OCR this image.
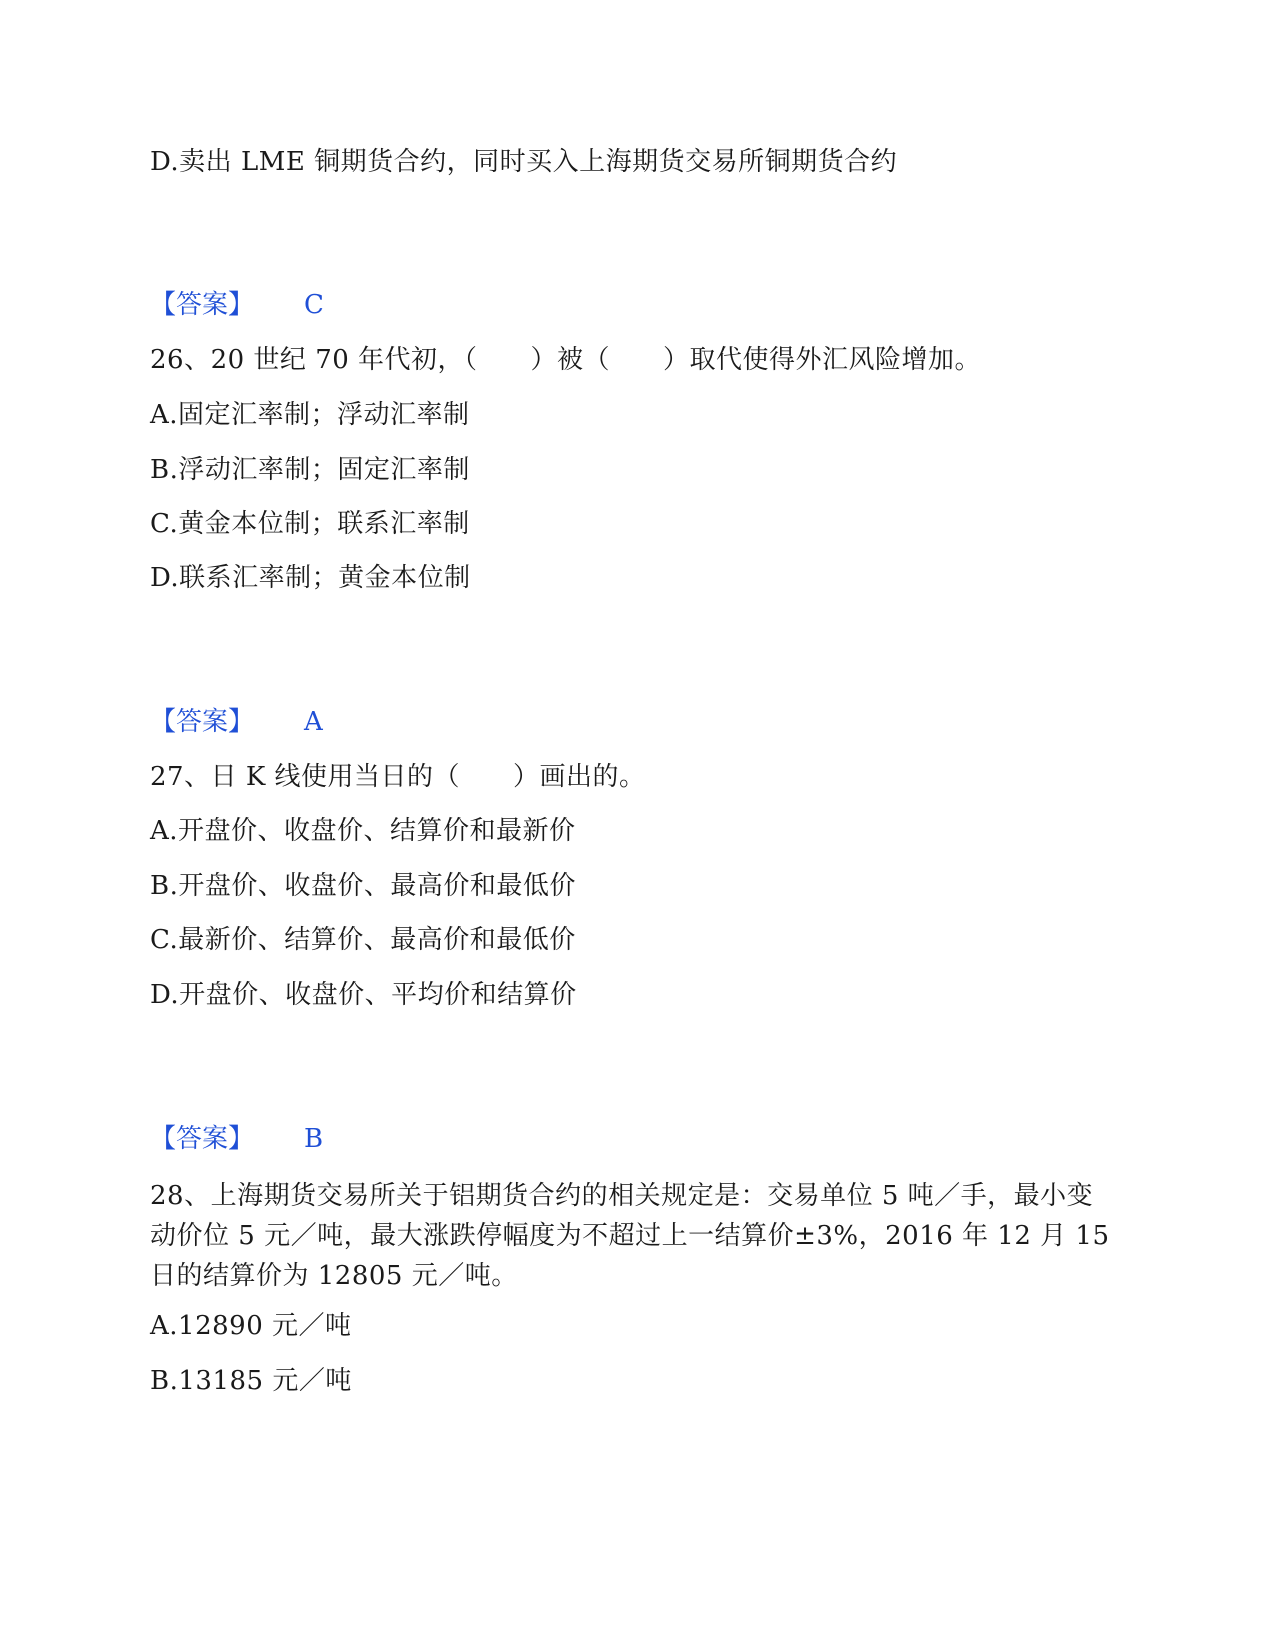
D.卖出 LME 铜期货合约，同时买入上海期货交易所铜期货合约
【答案】 C
26、20 世纪 70 年代初，（　　）被（　　）取代使得外汇风险增加。
A.固定汇率制；浮动汇率制
B.浮动汇率制；固定汇率制
C.黄金本位制；联系汇率制
D.联系汇率制；黄金本位制
【答案】 A
27、日 K 线使用当日的（　　）画出的。
A.开盘价、收盘价、结算价和最新价
B.开盘价、收盘价、最高价和最低价
C.最新价、结算价、最高价和最低价
D.开盘价、收盘价、平均价和结算价
【答案】 B
28、上海期货交易所关于铝期货合约的相关规定是：交易单位 5 吨／手，最小变动价位 5 元／吨，最大涨跌停幅度为不超过上一结算价±3%，2016 年 12 月 15 日的结算价为 12805 元／吨。
A.12890 元／吨
B.13185 元／吨
